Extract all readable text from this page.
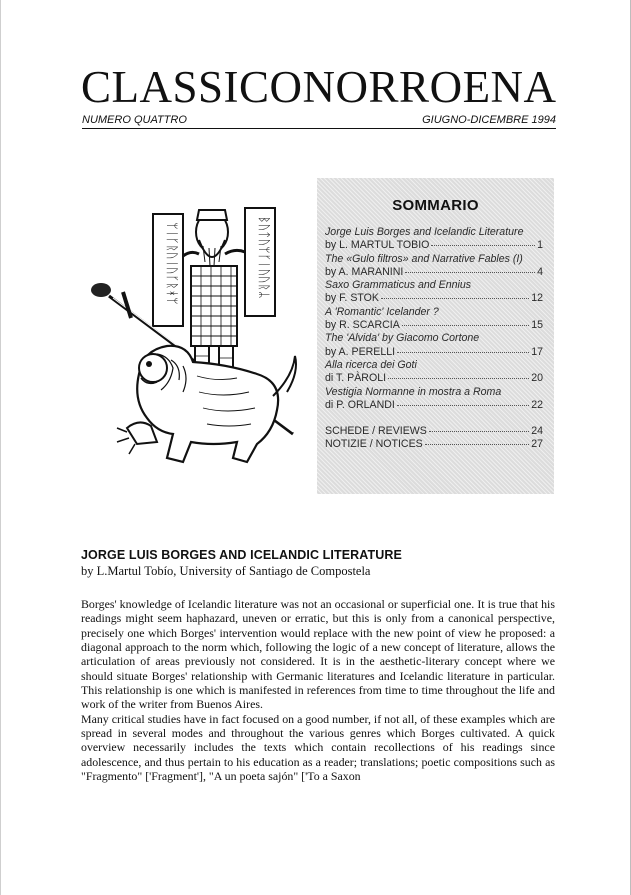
CLASSICONORROENA
NUMERO QUATTRO	GIUGNO-DICEMBRE 1994
ᛘᛁᚴᚱᚢᛁᚢᚴᚱᚼᛘ	ᛒᚢᛏᚢᛘᚴᛁᚢᚢᚱᛦ
SOMMARIO
Jorge Luis Borges and Icelandic Literature
by L. MARTUL TOBIO	1
The «Gulo filtros» and Narrative Fables (I)
by A. MARANINI	4
Saxo Grammaticus and Ennius
by F. STOK	12
A 'Romantic' Icelander ?
by R. SCARCIA	15
The 'Alvida' by Giacomo Cortone
by A. PERELLI	17
Alla ricerca dei Goti
di T. PÀROLI	20
Vestigia Normanne in mostra a Roma
di P. ORLANDI	22
SCHEDE / REVIEWS	24
NOTIZIE / NOTICES	27
JORGE LUIS BORGES AND ICELANDIC LITERATURE
by L.Martul Tobío, University of Santiago de Compostela

Borges' knowledge of Icelandic literature was not an occasional or superficial one. It is true that his readings might seem haphazard, uneven or erratic, but this is only from a canonical perspective, precisely one which Borges' intervention would replace with the new point of view he proposed: a diagonal approach to the norm which, following the logic of a new concept of literature, allows the articulation of areas previously not considered. It is in the aesthetic-literary concept where we should situate Borges' relationship with Germanic literatures and Icelandic literature in particular. This relationship is one which is manifested in references from time to time throughout the life and work of the writer from Buenos Aires.

Many critical studies have in fact focused on a good number, if not all, of these examples which are spread in several modes and throughout the various genres which Borges cultivated. A quick overview necessarily includes the texts which contain recollections of his readings since adolescence, and thus pertain to his education as a reader; translations; poetic compositions such as "Fragmento" ['Fragment'], "A un poeta sajón" ['To a Saxon
